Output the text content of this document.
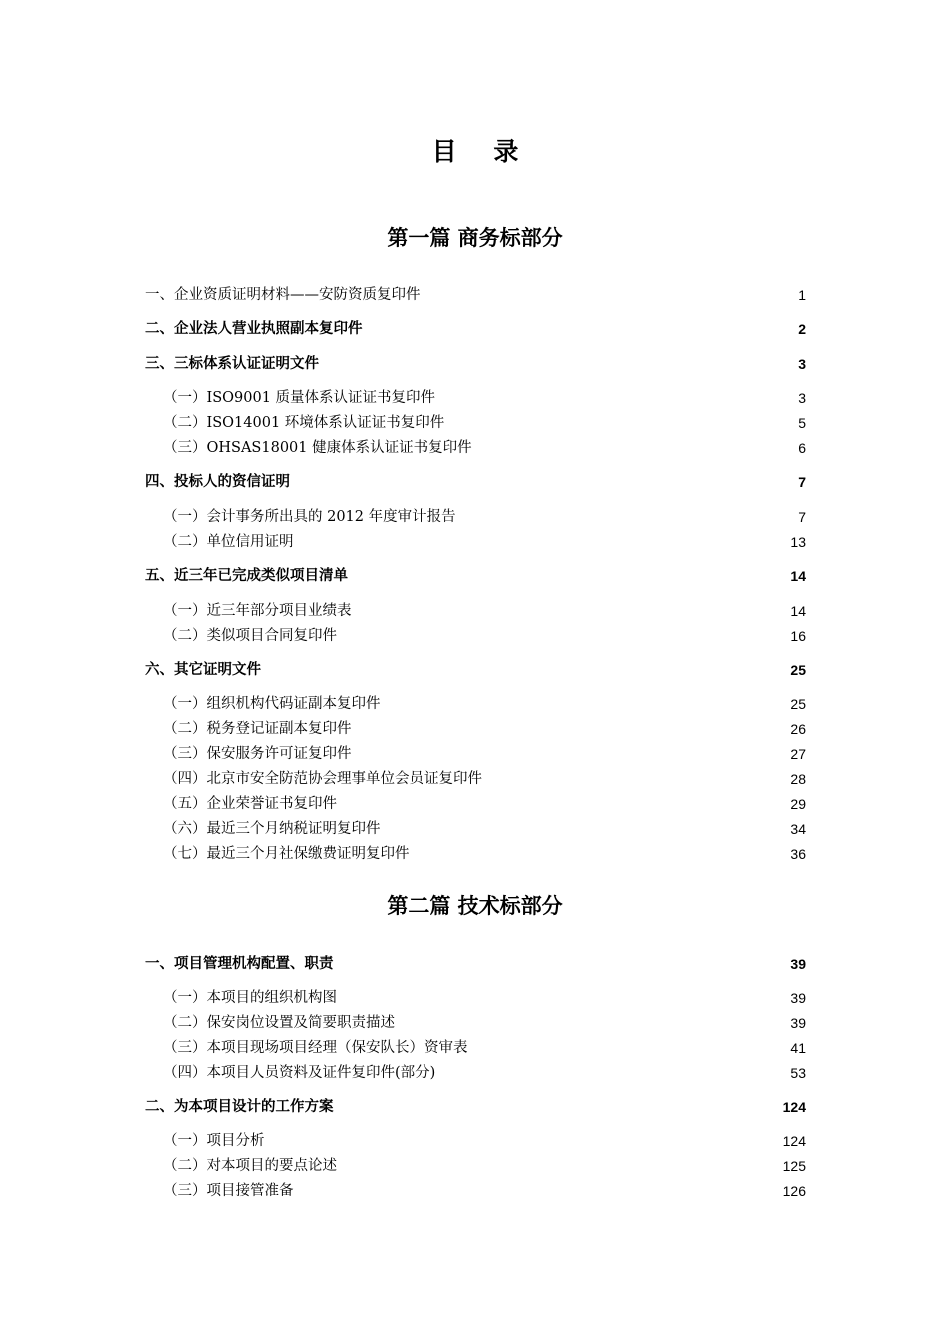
目 录
第一篇 商务标部分
一、企业资质证明材料——安防资质复印件	1
二、企业法人营业执照副本复印件	2
三、三标体系认证证明文件	3
（一）ISO9001 质量体系认证证书复印件	3
（二）ISO14001 环境体系认证证书复印件	5
（三）OHSAS18001 健康体系认证证书复印件	6
四、投标人的资信证明	7
（一）会计事务所出具的 2012 年度审计报告	7
（二）单位信用证明	13
五、近三年已完成类似项目清单	14
（一）近三年部分项目业绩表	14
（二）类似项目合同复印件	16
六、其它证明文件	25
（一）组织机构代码证副本复印件	25
（二）税务登记证副本复印件	26
（三）保安服务许可证复印件	27
（四）北京市安全防范协会理事单位会员证复印件	28
（五）企业荣誉证书复印件	29
（六）最近三个月纳税证明复印件	34
（七）最近三个月社保缴费证明复印件	36
第二篇 技术标部分
一、项目管理机构配置、职责	39
（一）本项目的组织机构图	39
（二）保安岗位设置及简要职责描述	39
（三）本项目现场项目经理（保安队长）资审表	41
（四）本项目人员资料及证件复印件(部分)	53
二、为本项目设计的工作方案	124
（一）项目分析	124
（二）对本项目的要点论述	125
（三）项目接管准备	126
